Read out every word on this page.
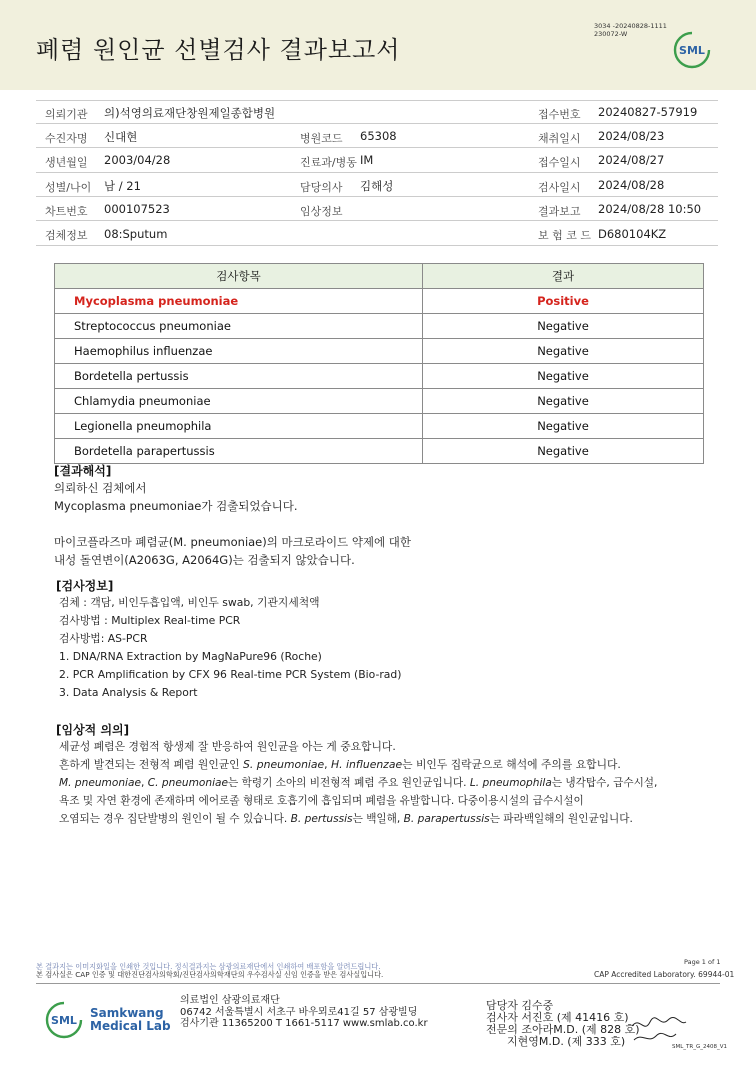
폐렴 원인균 선별검사 결과보고서
3034 -20240828-1111
230072-W
SML
의뢰기관 의)석영의료재단창원제일종합병원	접수번호 20240827-57919
수진자명 신대현	병원코드 65308	채취일시 2024/08/23
생년월일 2003/04/28	진료과/병동 IM	접수일시 2024/08/27
성별/나이 남 / 21	담당의사 김해성	검사일시 2024/08/28
차트번호 000107523	임상정보	결과보고 2024/08/28 10:50
검체정보 08:Sputum	보 험 코 드 D680104KZ
검사항목	결과
Mycoplasma pneumoniae	Positive
Streptococcus pneumoniae	Negative
Haemophilus influenzae	Negative
Bordetella pertussis	Negative
Chlamydia pneumoniae	Negative
Legionella pneumophila	Negative
Bordetella parapertussis	Negative
[결과해석]
의뢰하신 검체에서
Mycoplasma pneumoniae가 검출되었습니다.
마이코플라즈마 폐렴균(M. pneumoniae)의 마크로라이드 약제에 대한
내성 돌연변이(A2063G, A2064G)는 검출되지 않았습니다.
[검사정보]
검체 : 객담, 비인두흡입액, 비인두 swab, 기관지세척액
검사방법 : Multiplex Real-time PCR
검사방법: AS-PCR
1. DNA/RNA Extraction by MagNaPure96 (Roche)
2. PCR Amplification by CFX 96 Real-time PCR System (Bio-rad)
3. Data Analysis & Report
[임상적 의의]
세균성 폐렴은 경험적 항생제 잘 반응하여 원인균을 아는 게 중요합니다.
흔하게 발견되는 전형적 폐렴 원인균인 S. pneumoniae, H. influenzae는 비인두 집락균으로 해석에 주의를 요합니다.
M. pneumoniae, C. pneumoniae는 학령기 소아의 비전형적 폐렴 주요 원인균입니다. L. pneumophila는 냉각탑수, 급수시설,
욕조 및 자연 환경에 존재하며 에어로졸 형태로 호흡기에 흡입되며 폐렴을 유발합니다. 다중이용시설의 급수시설이
오염되는 경우 집단발병의 원인이 될 수 있습니다. B. pertussis는 백일해, B. parapertussis는 파라백일해의 원인균입니다.
본 결과지는 이미지화일을 인쇄한 것입니다. 정식결과지는 삼광의료재단에서 인쇄하여 배포함을 알려드립니다.
본 검사실은 CAP 인증 및 대한진단검사의학회/진단검사의학재단의 우수검사실 신임 인증을 받은 검사실입니다.
Page 1 of 1
CAP Accredited Laboratory. 69944-01
SML
Samkwang
Medical Lab
의료법인 삼광의료재단
06742 서울특별시 서초구 바우뫼로41길 57 삼광빌딩
검사기관 11365200 T 1661-5117 www.smlab.co.kr
담당자 김수중
검사자 서진호 (제 41416 호)
전문의 조아라M.D. (제 828 호)
지현영M.D. (제 333 호)	SML_TR_G_2408_V1
